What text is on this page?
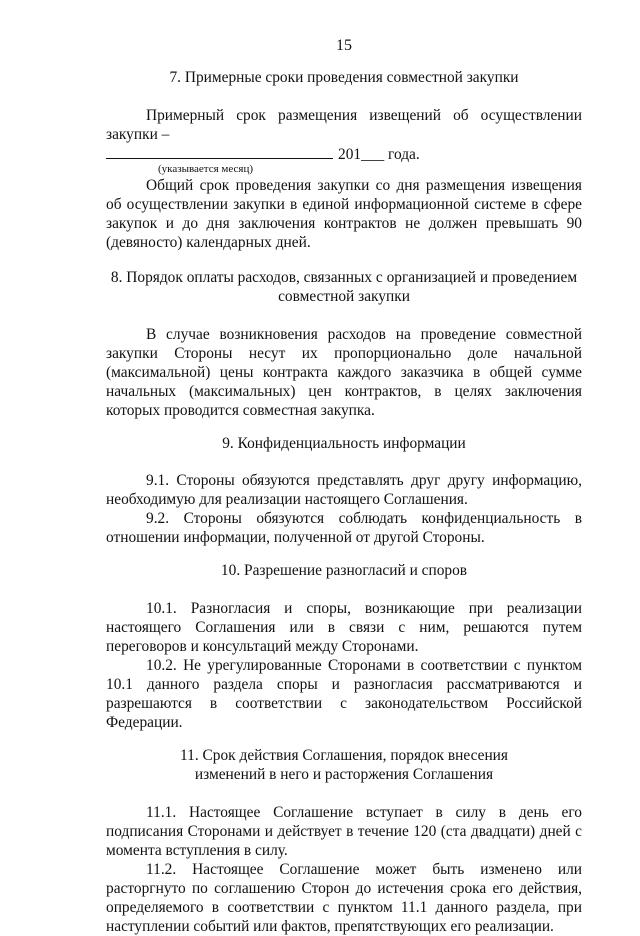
15
7. Примерные сроки проведения совместной закупки
Примерный срок размещения извещений об осуществлении закупки –
201___ года.
(указывается месяц)
Общий срок проведения закупки со дня размещения извещения об осуществлении закупки в единой информационной системе в сфере закупок и до дня заключения контрактов не должен превышать 90 (девяносто) календарных дней.
8. Порядок оплаты расходов, связанных с организацией и проведением
совместной закупки
В случае возникновения расходов на проведение совместной закупки Стороны несут их пропорционально доле начальной (максимальной) цены контракта каждого заказчика в общей сумме начальных (максимальных) цен контрактов, в целях заключения которых проводится совместная закупка.
9. Конфиденциальность информации
9.1. Стороны обязуются представлять друг другу информацию, необходимую для реализации настоящего Соглашения.
9.2. Стороны обязуются соблюдать конфиденциальность в отношении информации, полученной от другой Стороны.
10. Разрешение разногласий и споров
10.1. Разногласия и споры, возникающие при реализации настоящего Соглашения или в связи с ним, решаются путем переговоров и консультаций между Сторонами.
10.2. Не урегулированные Сторонами в соответствии с пунктом 10.1 данного раздела споры и разногласия рассматриваются и разрешаются в соответствии с законодательством Российской Федерации.
11. Срок действия Соглашения, порядок внесения
изменений в него и расторжения Соглашения
11.1. Настоящее Соглашение вступает в силу в день его подписания Сторонами и действует в течение 120 (ста двадцати) дней с момента вступления в силу.
11.2. Настоящее Соглашение может быть изменено или расторгнуто по соглашению Сторон до истечения срока его действия, определяемого в соответствии с пунктом 11.1 данного раздела, при наступлении событий или фактов, препятствующих его реализации.
